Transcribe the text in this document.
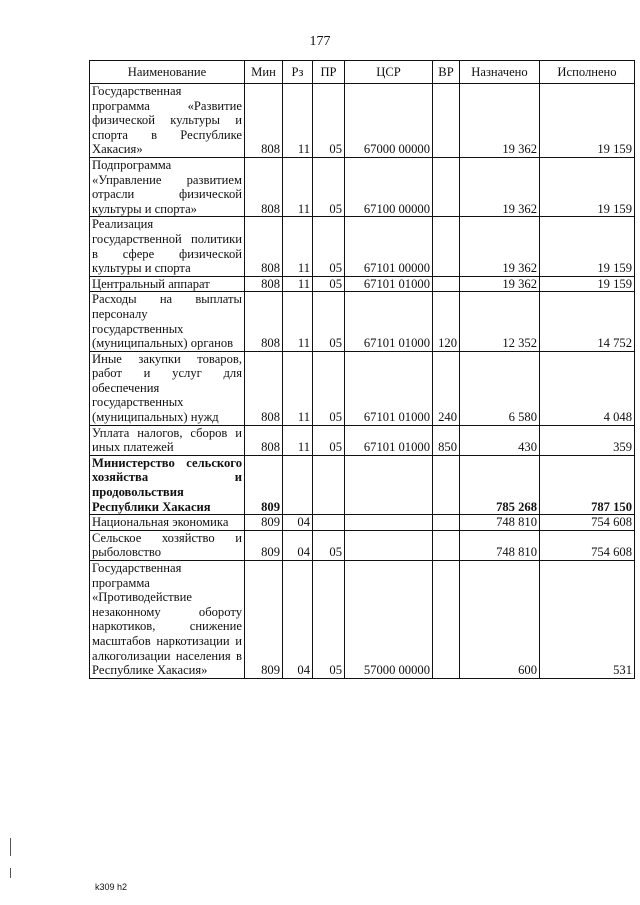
177
Наименование	Мин	Рз	ПР	ЦСР	ВР	Назначено	Исполнено
Государственная программа «Развитие физической культуры и спорта в Республике Хакасия»	808	11	05	67000 00000		19 362	19 159
Подпрограмма «Управление развитием отрасли физической культуры и спорта»	808	11	05	67100 00000		19 362	19 159
Реализация государственной политики в сфере физической культуры и спорта	808	11	05	67101 00000		19 362	19 159
Центральный аппарат	808	11	05	67101 01000		19 362	19 159
Расходы на выплаты персоналу государственных (муниципальных) органов	808	11	05	67101 01000	120	12 352	14 752
Иные закупки товаров, работ и услуг для обеспечения государственных (муниципальных) нужд	808	11	05	67101 01000	240	6 580	4 048
Уплата налогов, сборов и иных платежей	808	11	05	67101 01000	850	430	359
Министерство сельского хозяйства и продовольствия Республики Хакасия	809					785 268	787 150
Национальная экономика	809	04				748 810	754 608
Сельское хозяйство и рыболовство	809	04	05			748 810	754 608
Государственная программа «Противодействие незаконному обороту наркотиков, снижение масштабов наркотизации и алкоголизации населения в Республике Хакасия»	809	04	05	57000 00000		600	531
k309 h2
